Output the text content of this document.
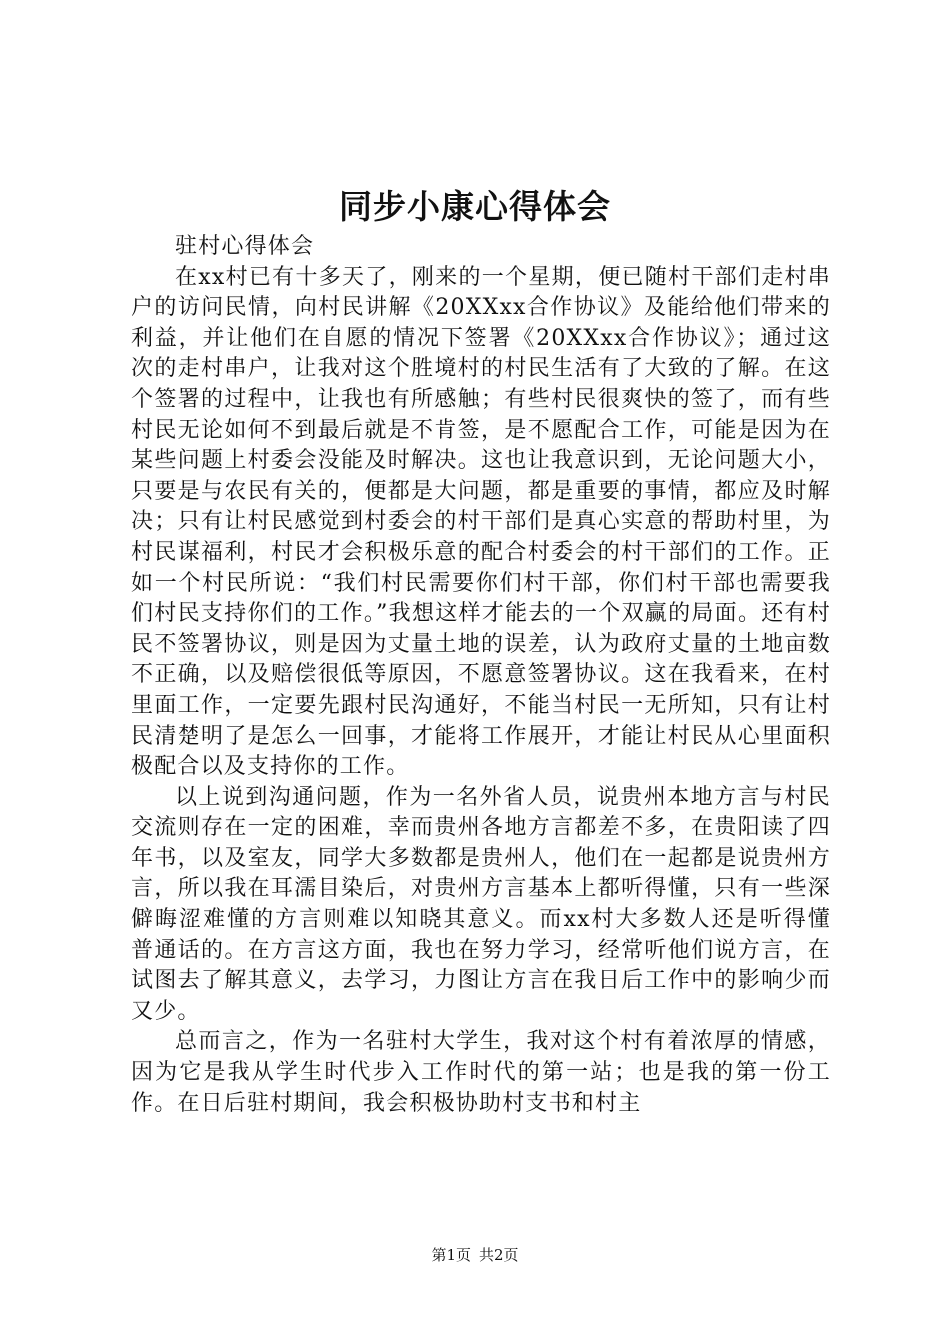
同步小康心得体会

驻村心得体会

在xx村已有十多天了，刚来的一个星期，便已随村干部们走村串户的访问民情，向村民讲解《20XXxx合作协议》及能给他们带来的利益，并让他们在自愿的情况下签署《20XXxx合作协议》；通过这次的走村串户，让我对这个胜境村的村民生活有了大致的了解。在这个签署的过程中，让我也有所感触；有些村民很爽快的签了，而有些村民无论如何不到最后就是不肯签，是不愿配合工作，可能是因为在某些问题上村委会没能及时解决。这也让我意识到，无论问题大小，只要是与农民有关的，便都是大问题，都是重要的事情，都应及时解决；只有让村民感觉到村委会的村干部们是真心实意的帮助村里，为村民谋福利，村民才会积极乐意的配合村委会的村干部们的工作。正如一个村民所说：“我们村民需要你们村干部，你们村干部也需要我们村民支持你们的工作。”我想这样才能去的一个双赢的局面。还有村民不签署协议，则是因为丈量土地的误差，认为政府丈量的土地亩数不正确，以及赔偿很低等原因，不愿意签署协议。这在我看来，在村里面工作，一定要先跟村民沟通好，不能当村民一无所知，只有让村民清楚明了是怎么一回事，才能将工作展开，才能让村民从心里面积极配合以及支持你的工作。

以上说到沟通问题，作为一名外省人员，说贵州本地方言与村民交流则存在一定的困难，幸而贵州各地方言都差不多，在贵阳读了四年书，以及室友，同学大多数都是贵州人，他们在一起都是说贵州方言，所以我在耳濡目染后，对贵州方言基本上都听得懂，只有一些深僻晦涩难懂的方言则难以知晓其意义。而xx村大多数人还是听得懂普通话的。在方言这方面，我也在努力学习，经常听他们说方言，在试图去了解其意义，去学习，力图让方言在我日后工作中的影响少而又少。

总而言之，作为一名驻村大学生，我对这个村有着浓厚的情感，因为它是我从学生时代步入工作时代的第一站；也是我的第一份工作。在日后驻村期间，我会积极协助村支书和村主

第1页 共2页
